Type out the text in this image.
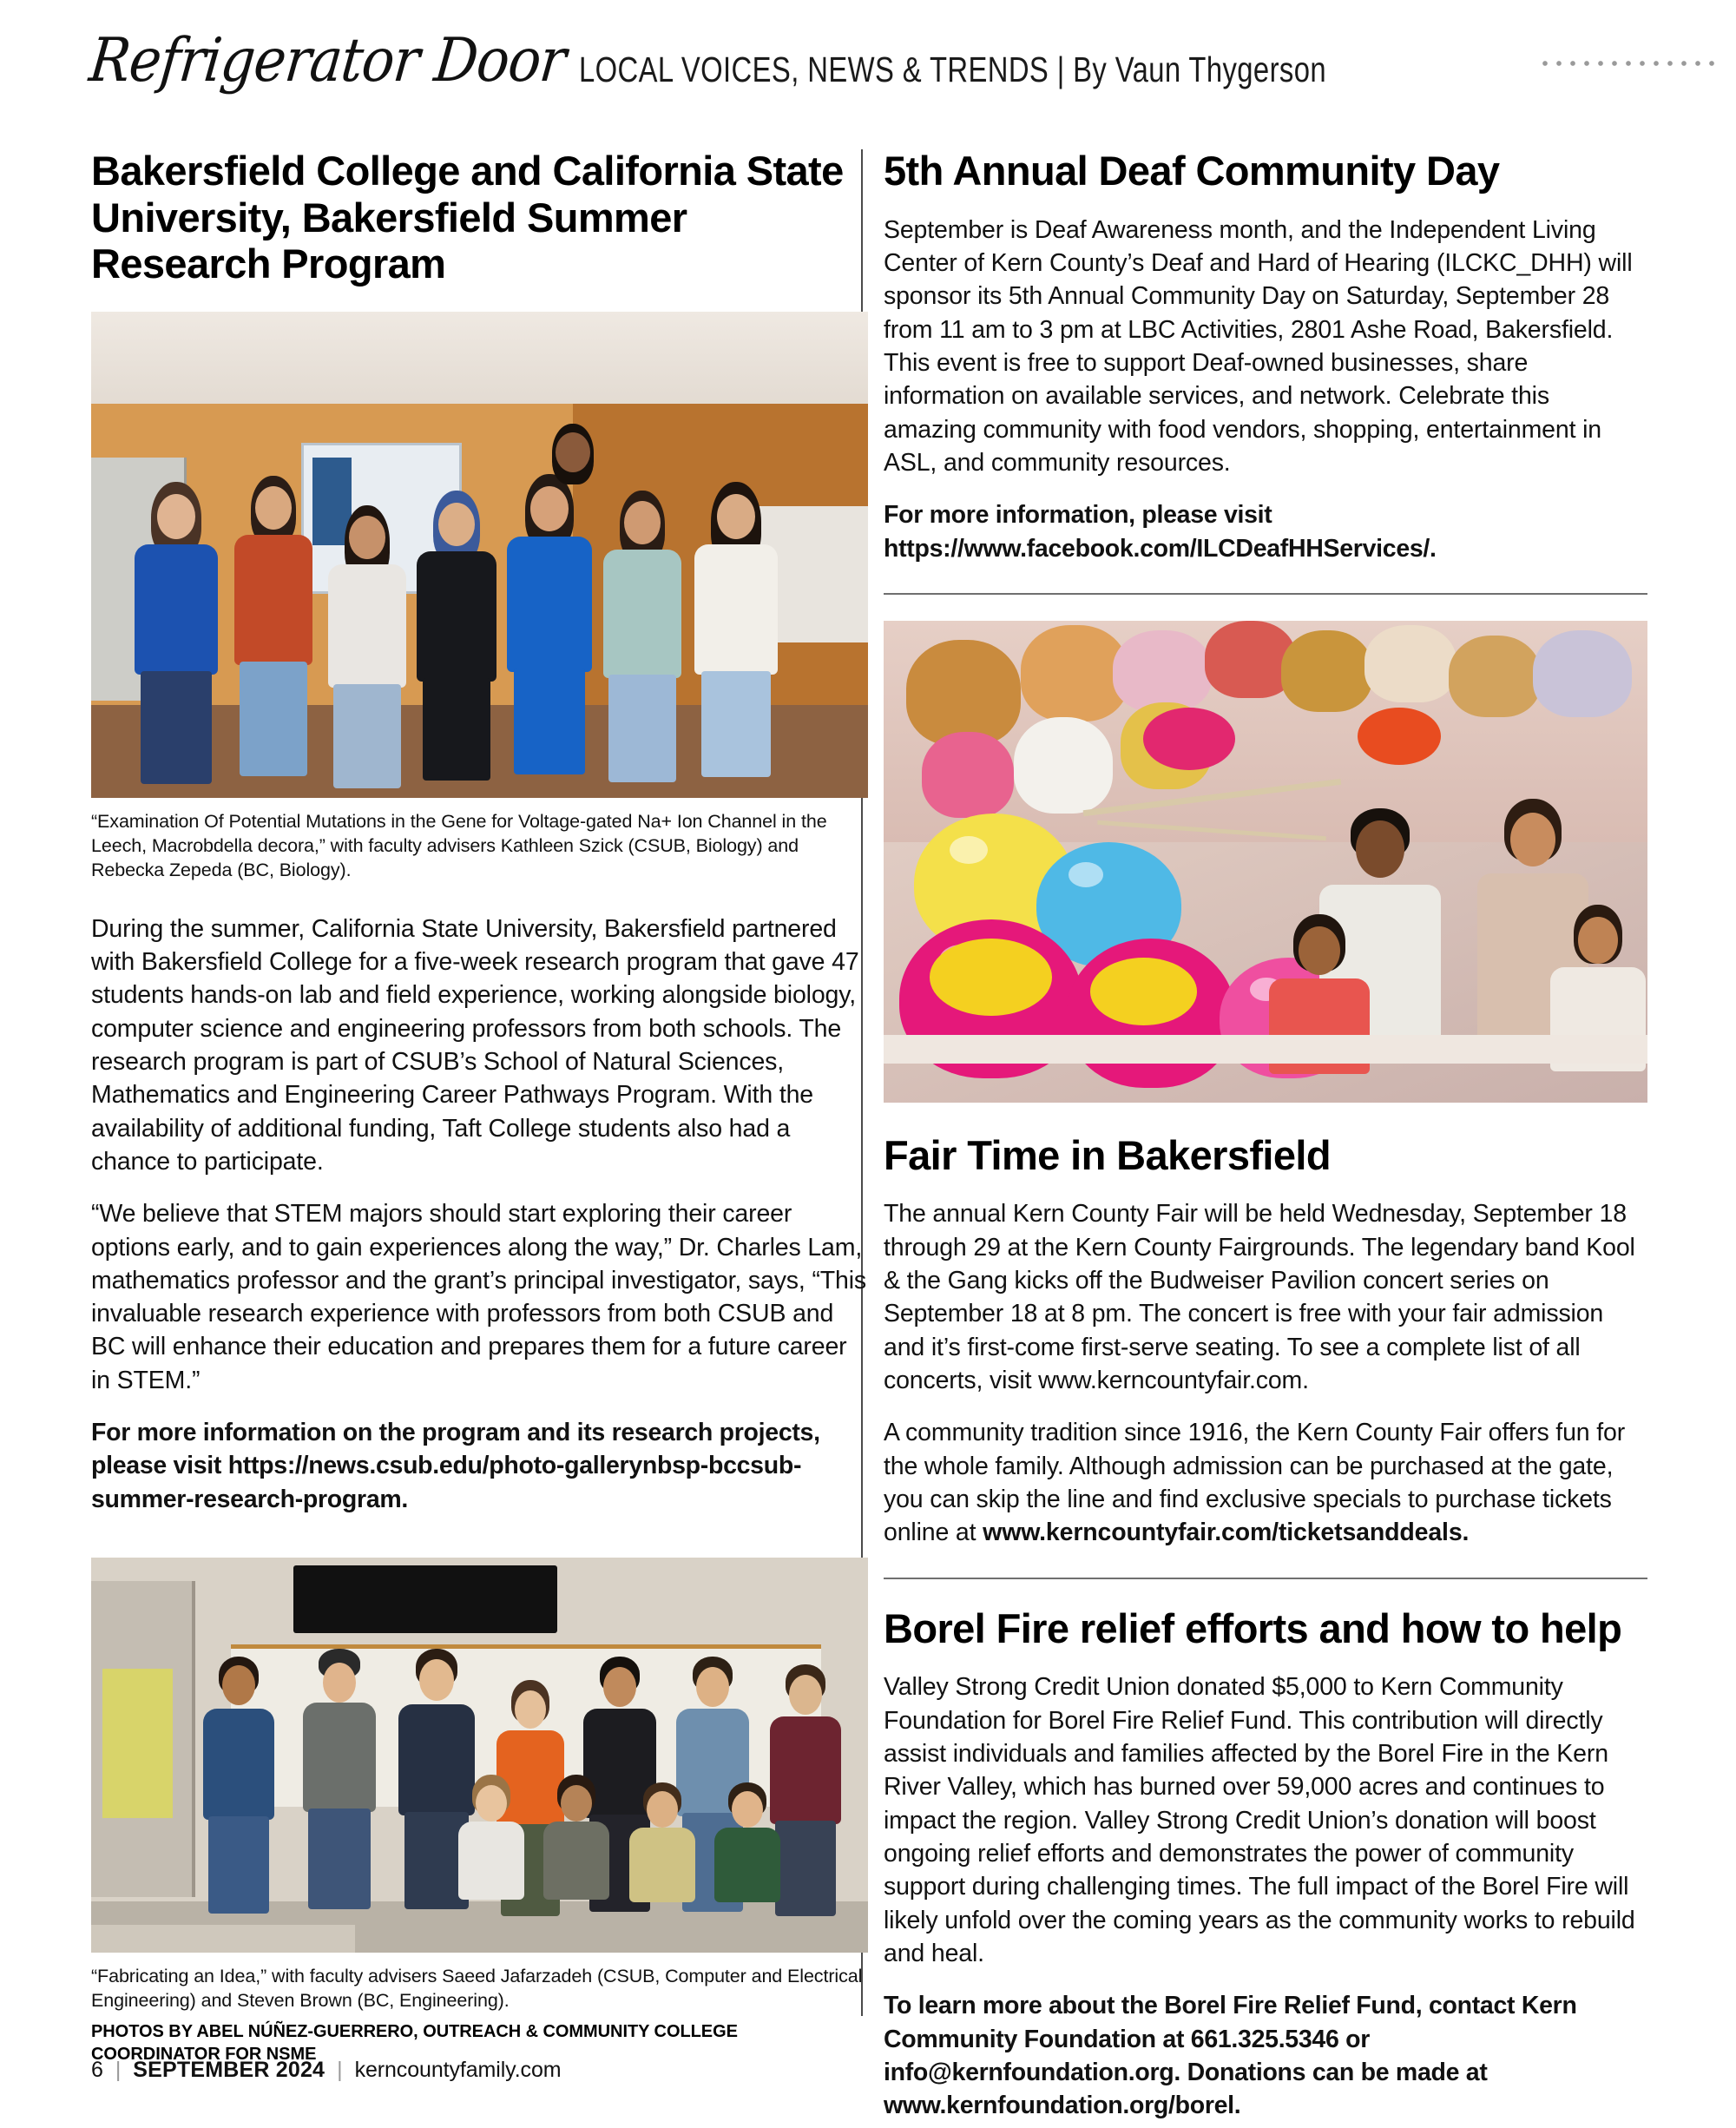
Refrigerator Door LOCAL VOICES, NEWS & TRENDS | By Vaun Thygerson
Bakersfield College and California State University, Bakersfield Summer Research Program

“Examination Of Potential Mutations in the Gene for Voltage-gated Na+ Ion Channel in the Leech, Macrobdella decora,” with faculty advisers Kathleen Szick (CSUB, Biology) and Rebecka Zepeda (BC, Biology).

During the summer, California State University, Bakersfield partnered with Bakersfield College for a five-week research program that gave 47 students hands-on lab and field experience, working alongside biology, computer science and engineering professors from both schools. The research program is part of CSUB’s School of Natural Sciences, Mathematics and Engineering Career Pathways Program. With the availability of additional funding, Taft College students also had a chance to participate.

“We believe that STEM majors should start exploring their career options early, and to gain experiences along the way,” Dr. Charles Lam, mathematics professor and the grant’s principal investigator, says, “This invaluable research experience with professors from both CSUB and BC will enhance their education and prepares them for a future career in STEM.”

For more information on the program and its research projects, please visit https://news.csub.edu/photo-gallerynbsp-bccsub-summer-research-program.

“Fabricating an Idea,” with faculty advisers Saeed Jafarzadeh (CSUB, Computer and Electrical Engineering) and Steven Brown (BC, Engineering).

PHOTOS BY ABEL NÚÑEZ-GUERRERO, OUTREACH & COMMUNITY COLLEGE COORDINATOR FOR NSME

5th Annual Deaf Community Day

September is Deaf Awareness month, and the Independent Living Center of Kern County’s Deaf and Hard of Hearing (ILCKC_DHH) will sponsor its 5th Annual Community Day on Saturday, September 28 from 11 am to 3 pm at LBC Activities, 2801 Ashe Road, Bakersfield. This event is free to support Deaf-owned businesses, share information on available services, and network. Celebrate this amazing community with food vendors, shopping, entertainment in ASL, and community resources.

For more information, please visit https://www.facebook.com/ILCDeafHHServices/.

Fair Time in Bakersfield

The annual Kern County Fair will be held Wednesday, September 18 through 29 at the Kern County Fairgrounds. The legendary band Kool & the Gang kicks off the Budweiser Pavilion concert series on September 18 at 8 pm. The concert is free with your fair admission and it’s first-come first-serve seating. To see a complete list of all concerts, visit www.kerncountyfair.com.

A community tradition since 1916, the Kern County Fair offers fun for the whole family. Although admission can be purchased at the gate, you can skip the line and find exclusive specials to purchase tickets online at www.kerncountyfair.com/ticketsanddeals.

Borel Fire relief efforts and how to help

Valley Strong Credit Union donated $5,000 to Kern Community Foundation for Borel Fire Relief Fund. This contribution will directly assist individuals and families affected by the Borel Fire in the Kern River Valley, which has burned over 59,000 acres and continues to impact the region. Valley Strong Credit Union’s donation will boost ongoing relief efforts and demonstrates the power of community support during challenging times. The full impact of the Borel Fire will likely unfold over the coming years as the community works to rebuild and heal.

To learn more about the Borel Fire Relief Fund, contact Kern Community Foundation at 661.325.5346 or info@kernfoundation.org. Donations can be made at www.kernfoundation.org/borel.

6 | SEPTEMBER 2024 | kerncountyfamily.com
